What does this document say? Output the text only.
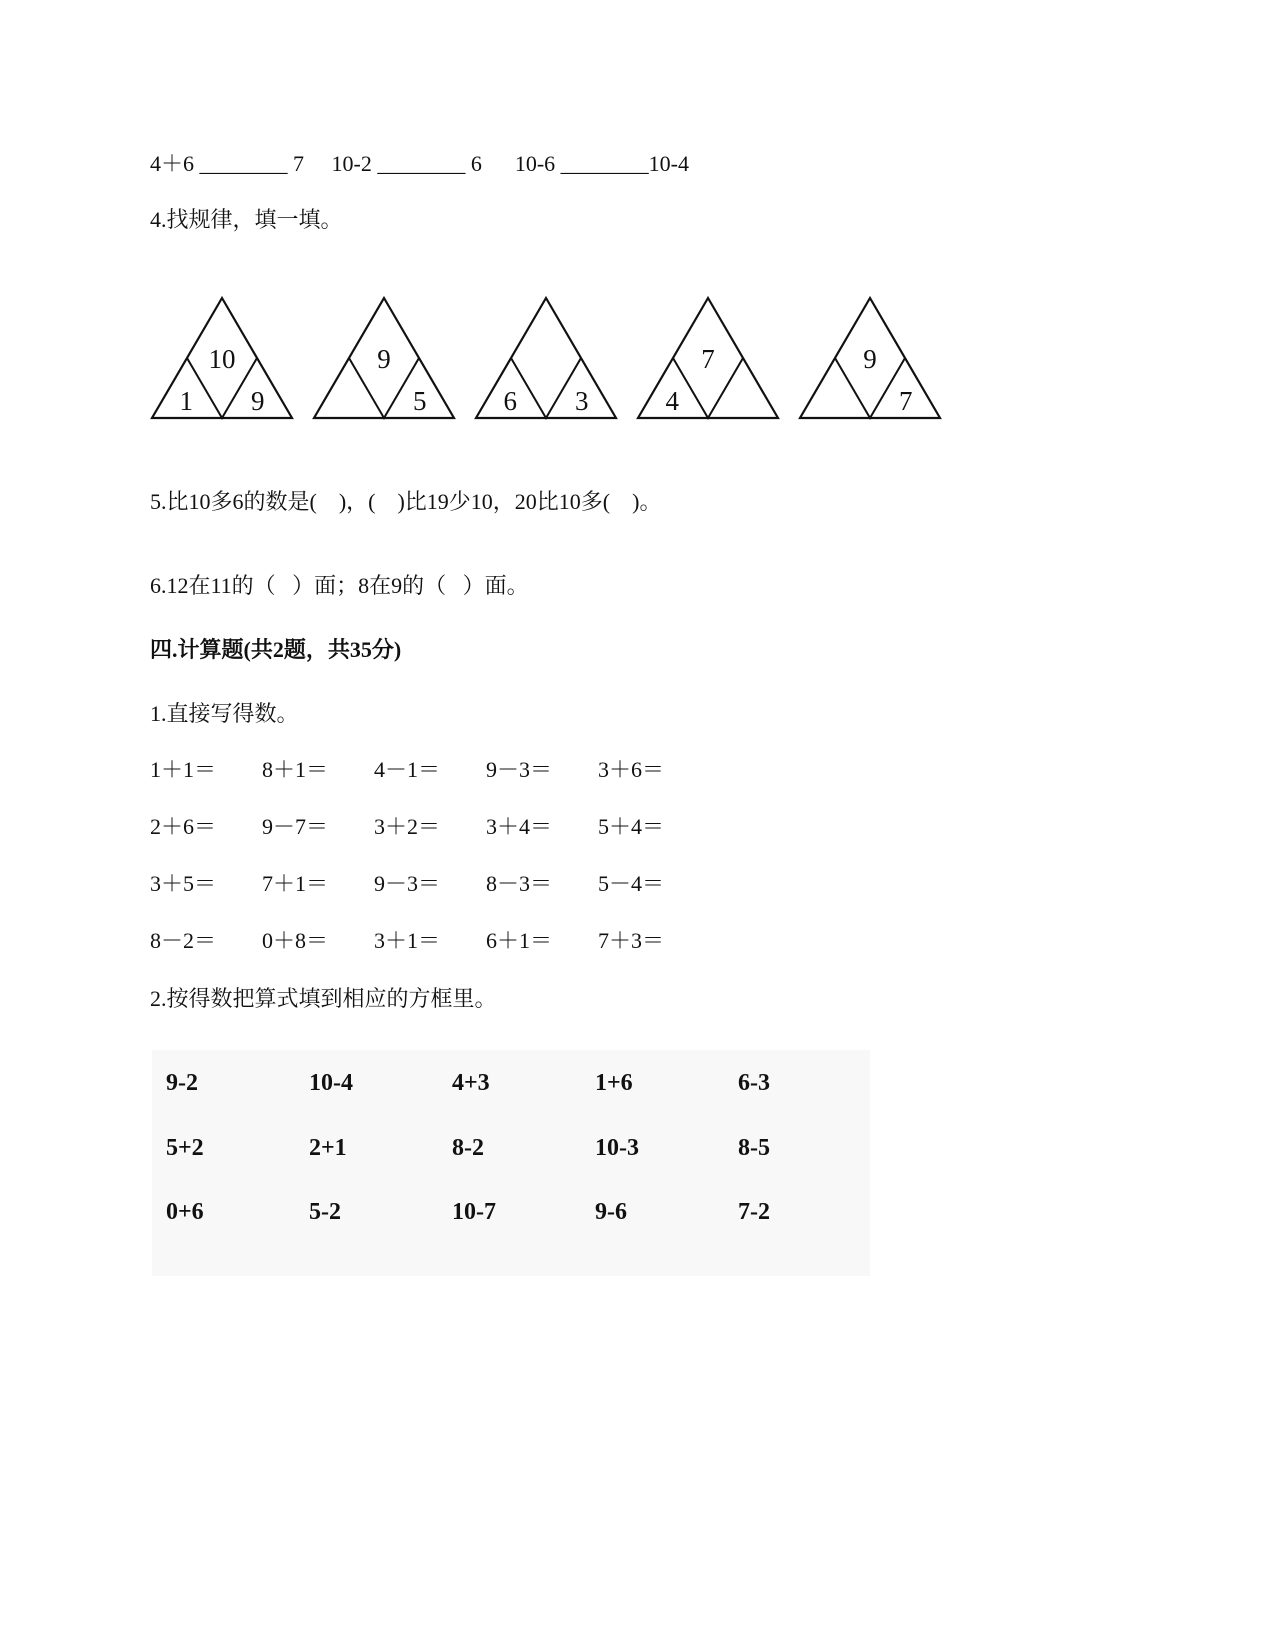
4＋6 ________ 7     10-2 ________ 6      10-6 ________10-4
4.找规律，填一填。
10
1 9
9
5	6 3
7
4
9
7
5.比10多6的数是(    )，(    )比19少10，20比10多(    )。
6.12在11的（   ）面；8在9的（   ）面。
四.计算题(共2题，共35分)
1.直接写得数。
1＋1＝	8＋1＝	4－1＝	9－3＝	3＋6＝
2＋6＝	9－7＝	3＋2＝	3＋4＝	5＋4＝
3＋5＝	7＋1＝	9－3＝	8－3＝	5－4＝
8－2＝	0＋8＝	3＋1＝	6＋1＝	7＋3＝
2.按得数把算式填到相应的方框里。
9-2	10-4	4+3	1+6	6-3
5+2	2+1	8-2	10-3	8-5
0+6	5-2	10-7	9-6	7-2
